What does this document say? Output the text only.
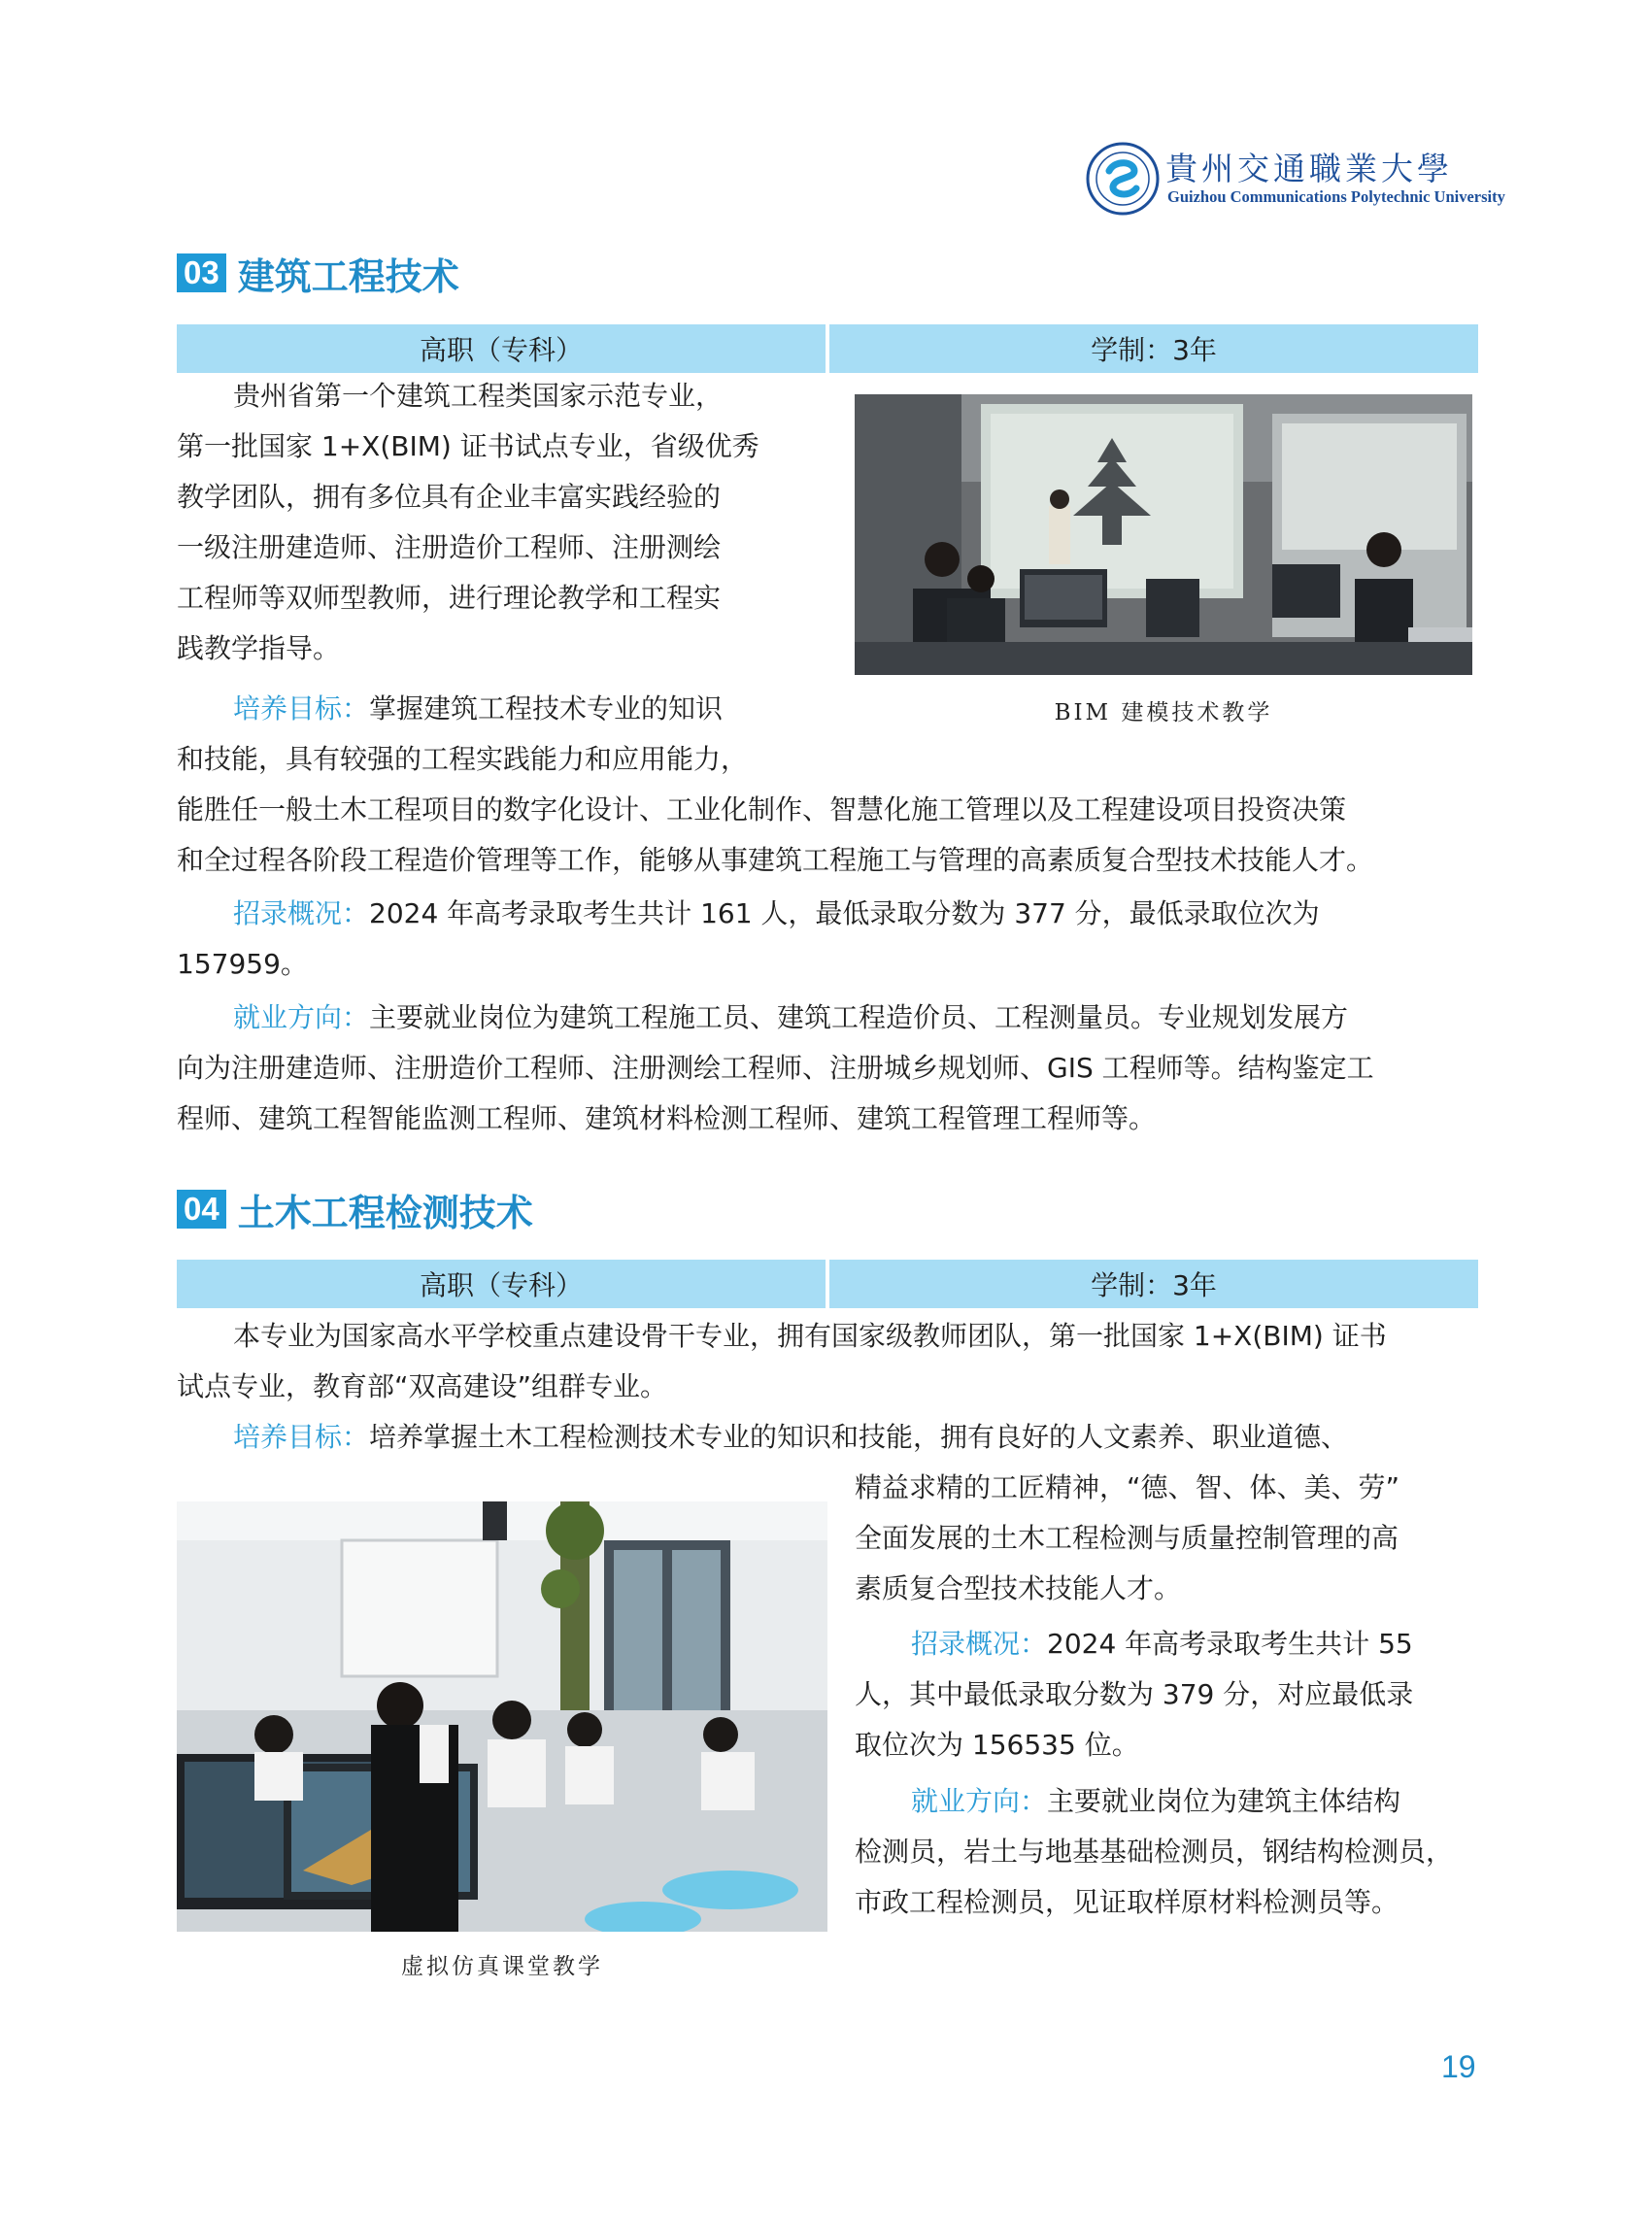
貴州交通職業大學
Guizhou Communications Polytechnic University
03 建筑工程技术
高职（专科）	学制：3年
贵州省第一个建筑工程类国家示范专业，
第一批国家 1+X(BIM) 证书试点专业，省级优秀
教学团队，拥有多位具有企业丰富实践经验的
一级注册建造师、注册造价工程师、注册测绘
工程师等双师型教师，进行理论教学和工程实
践教学指导。
培养目标：掌握建筑工程技术专业的知识
和技能，具有较强的工程实践能力和应用能力，
能胜任一般土木工程项目的数字化设计、工业化制作、智慧化施工管理以及工程建设项目投资决策
和全过程各阶段工程造价管理等工作，能够从事建筑工程施工与管理的高素质复合型技术技能人才。
招录概况：2024 年高考录取考生共计 161 人，最低录取分数为 377 分，最低录取位次为
157959。
就业方向：主要就业岗位为建筑工程施工员、建筑工程造价员、工程测量员。专业规划发展方
向为注册建造师、注册造价工程师、注册测绘工程师、注册城乡规划师、GIS 工程师等。结构鉴定工
程师、建筑工程智能监测工程师、建筑材料检测工程师、建筑工程管理工程师等。
BIM 建模技术教学
04 土木工程检测技术
高职（专科）	学制：3年
本专业为国家高水平学校重点建设骨干专业，拥有国家级教师团队，第一批国家 1+X(BIM) 证书
试点专业，教育部“双高建设”组群专业。
培养目标：培养掌握土木工程检测技术专业的知识和技能，拥有良好的人文素养、职业道德、
精益求精的工匠精神，“德、智、体、美、劳”
全面发展的土木工程检测与质量控制管理的高
素质复合型技术技能人才。
招录概况：2024 年高考录取考生共计 55
人，其中最低录取分数为 379 分，对应最低录
取位次为 156535 位。
就业方向：主要就业岗位为建筑主体结构
检测员，岩土与地基基础检测员，钢结构检测员，
市政工程检测员，见证取样原材料检测员等。
虚拟仿真课堂教学
19
